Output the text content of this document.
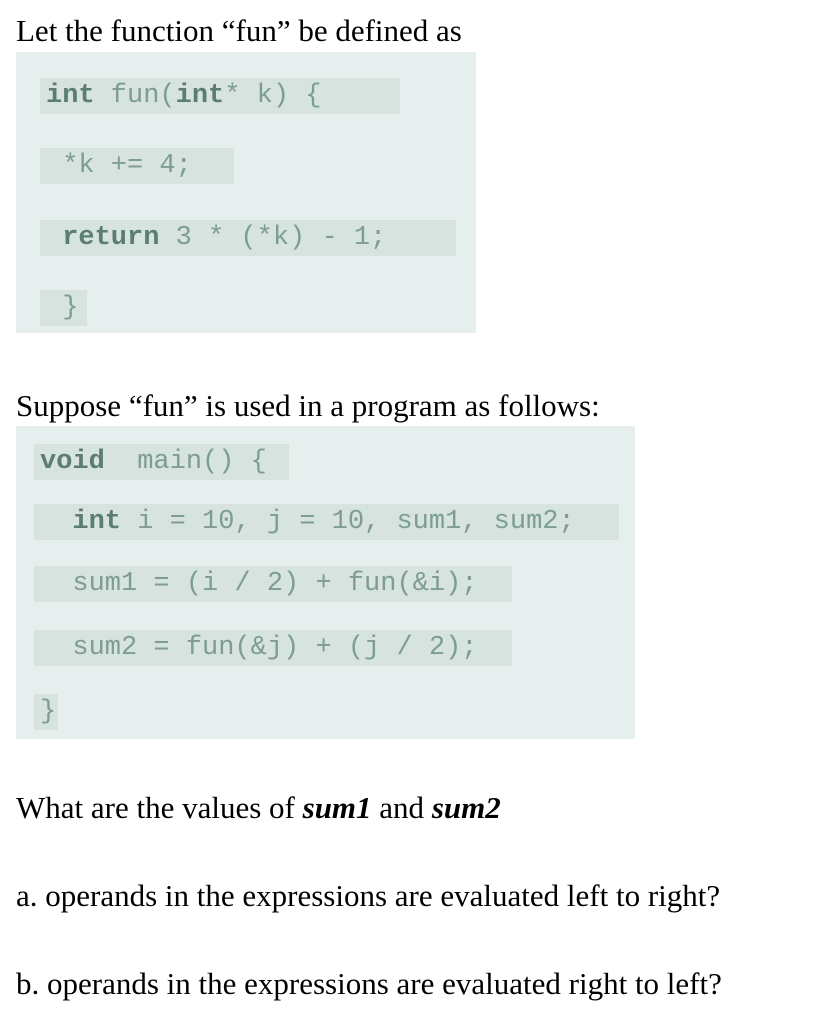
Let the function “fun” be defined as
int fun(int* k) {
*k += 4;
return 3 * (*k) - 1;
}
Suppose “fun” is used in a program as follows:
void  main() {
int i = 10, j = 10, sum1, sum2;
sum1 = (i / 2) + fun(&i);
sum2 = fun(&j) + (j / 2);
}
What are the values of sum1 and sum2
a. operands in the expressions are evaluated left to right?
b. operands in the expressions are evaluated right to left?
